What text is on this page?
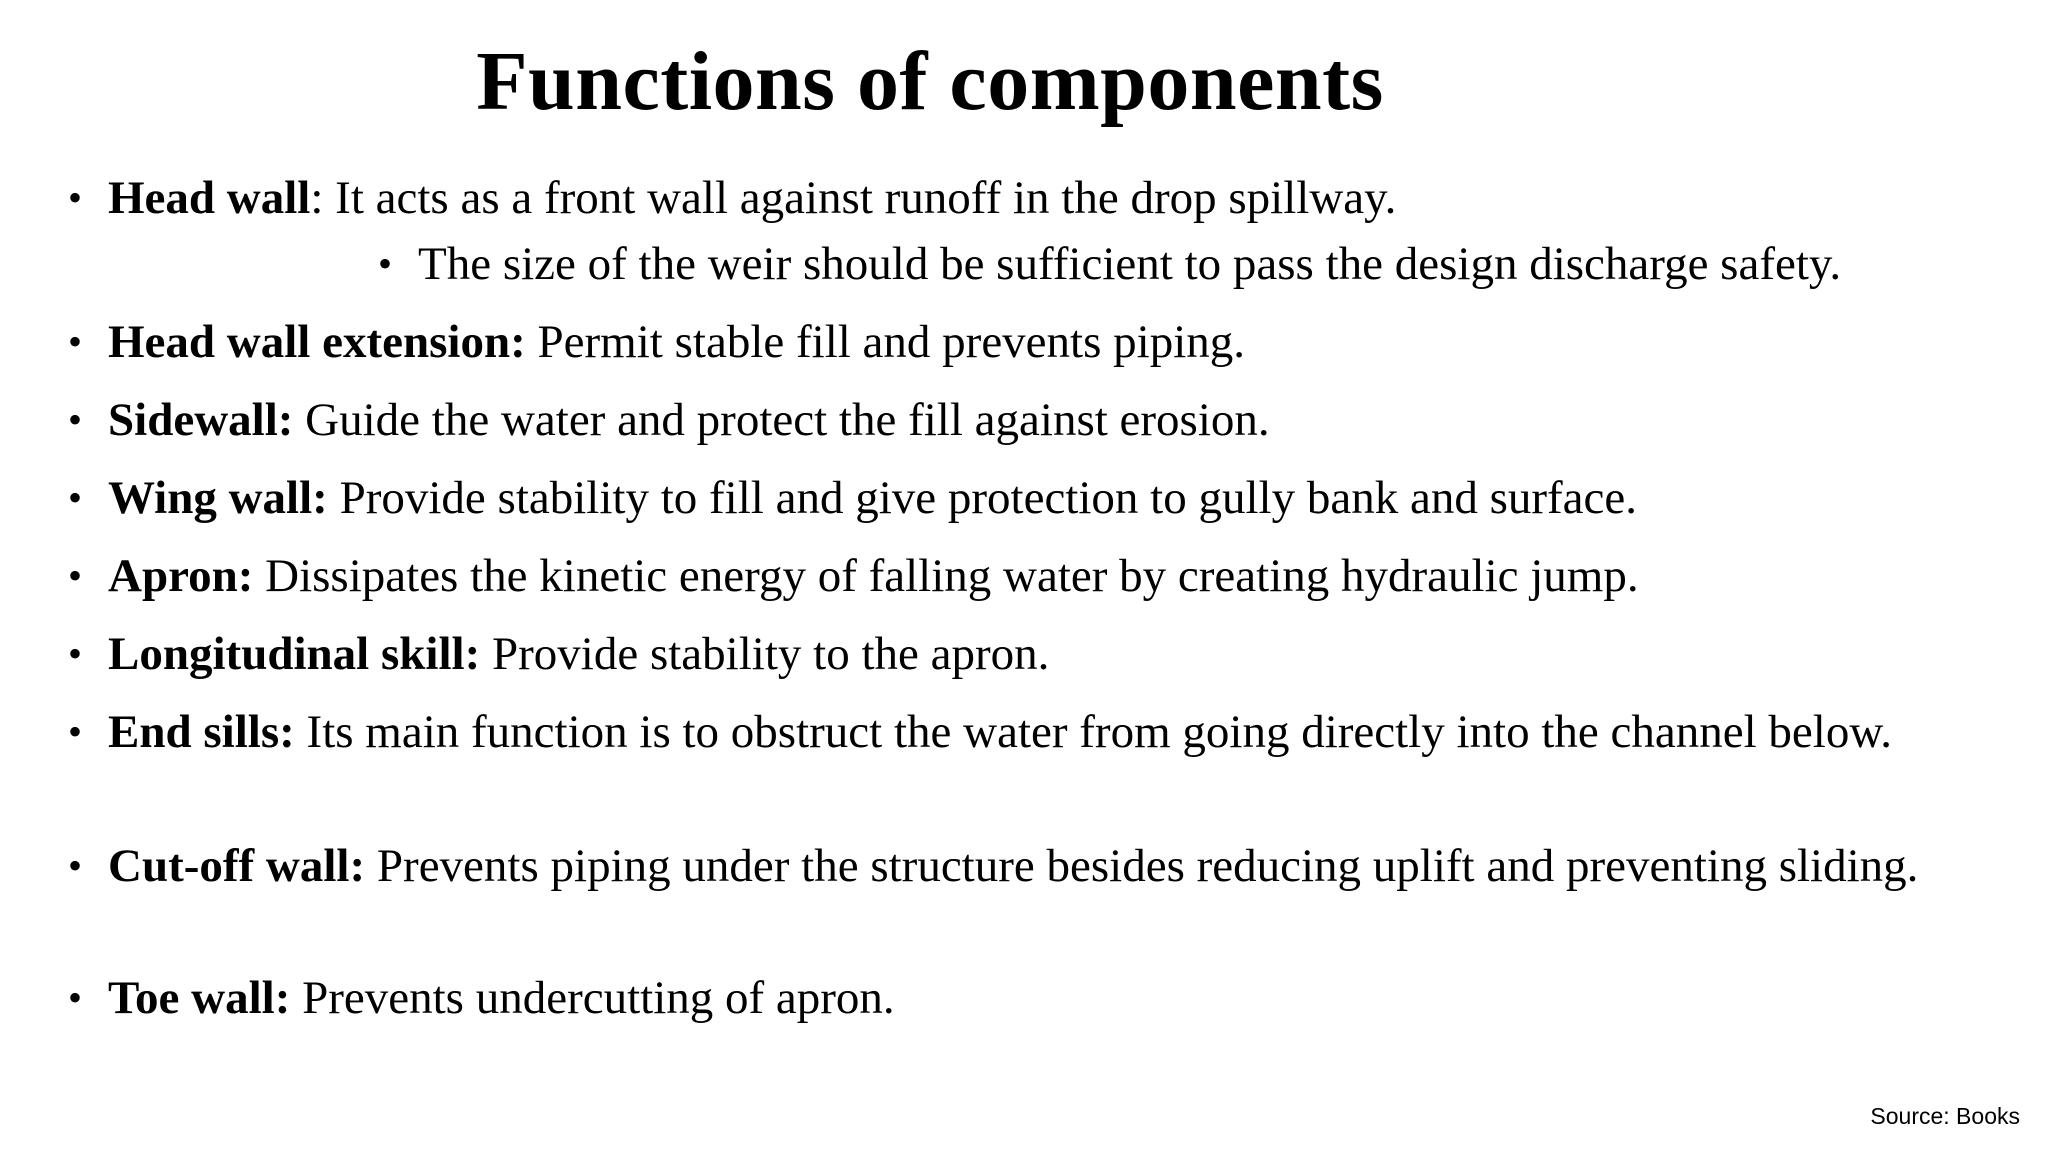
Functions of components
• Head wall: It acts as a front wall against runoff in the drop spillway.
• The size of the weir should be sufficient to pass the design discharge safety.
• Head wall extension: Permit stable fill and prevents piping.
• Sidewall: Guide the water and protect the fill against erosion.
• Wing wall: Provide stability to fill and give protection to gully bank and surface.
• Apron: Dissipates the kinetic energy of falling water by creating hydraulic jump.
• Longitudinal skill: Provide stability to the apron.
• End sills: Its main function is to obstruct the water from going directly into the channel below.
• Cut-off wall: Prevents piping under the structure besides reducing uplift and preventing sliding.
• Toe wall: Prevents undercutting of apron.
Source: Books
